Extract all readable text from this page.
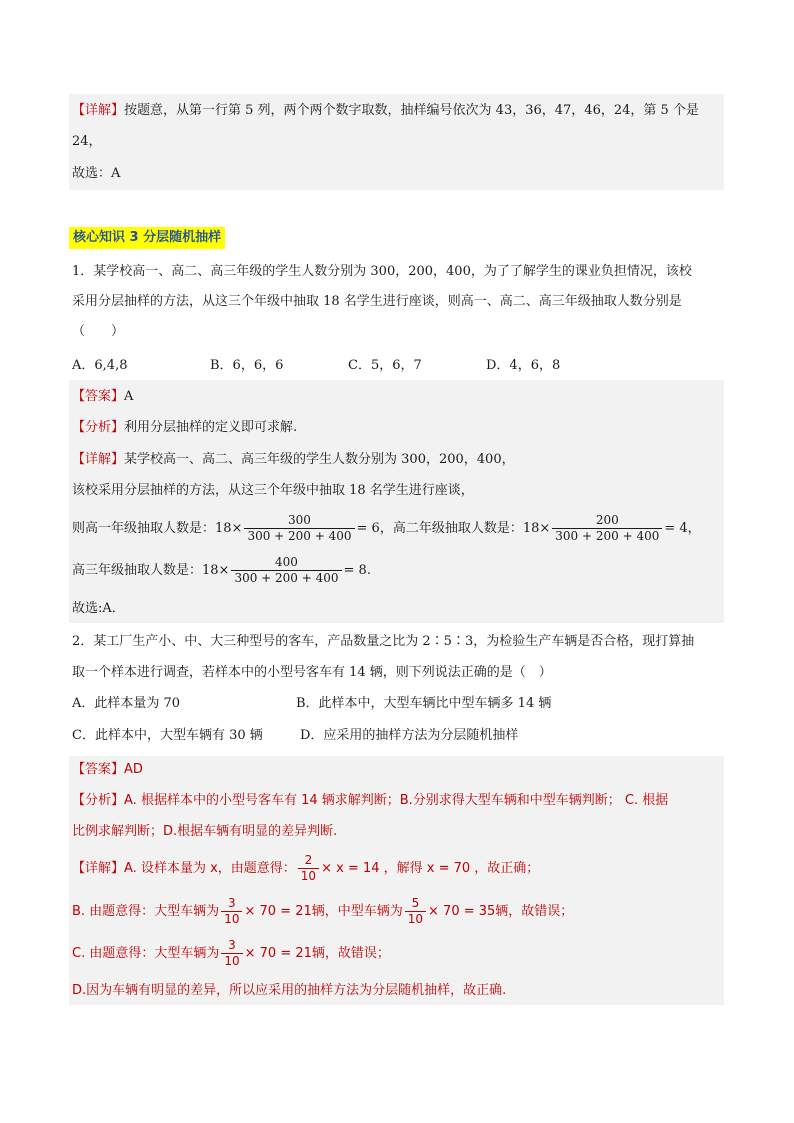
【详解】按题意，从第一行第 5 列，两个两个数字取数，抽样编号依次为 43，36，47，46，24，第 5 个是
24，
故选：A
核心知识 3 分层随机抽样
1．某学校高一、高二、高三年级的学生人数分别为 300，200，400，为了了解学生的课业负担情况，该校
采用分层抽样的方法，从这三个年级中抽取 18 名学生进行座谈，则高一、高二、高三年级抽取人数分别是
（　　）
A．6,4,8	B．6，6，6	C．5，6，7	D．4，6，8
【答案】A
【分析】利用分层抽样的定义即可求解.
【详解】某学校高一、高二、高三年级的学生人数分别为 300，200，400，
该校采用分层抽样的方法，从这三个年级中抽取 18 名学生进行座谈，
则高一年级抽取人数是：$18\times \frac{300}{300 + 200 + 400} = 6$，高二年级抽取人数是：$18\times \frac{200}{300 + 200 + 400} = 4$，
高三年级抽取人数是：$18\times \frac{400}{300 + 200 + 400} = 8$.
故选:A．
2．某工厂生产小、中、大三种型号的客车，产品数量之比为 2∶5∶3，为检验生产车辆是否合格，现打算抽
取一个样本进行调查，若样本中的小型号客车有 14 辆，则下列说法正确的是（　）
A．此样本量为 70	B．此样本中，大型车辆比中型车辆多 14 辆
C．此样本中，大型车辆有 30 辆	D．应采用的抽样方法为分层随机抽样
【答案】AD
【分析】A. 根据样本中的小型号客车有 14 辆求解判断；B.分别求得大型车辆和中型车辆判断； C. 根据
比例求解判断；D.根据车辆有明显的差异判断.
【详解】A. 设样本量为 x，由题意得： $\frac{2}{10} \times x = 14$ ，解得 x = 70 ，故正确；
B. 由题意得：大型车辆为 $\frac{3}{10} \times 70 = 21$辆，中型车辆为 $\frac{5}{10} \times 70 = 35$辆，故错误；
C. 由题意得：大型车辆为 $\frac{3}{10} \times 70 = 21$辆，故错误；
D.因为车辆有明显的差异，所以应采用的抽样方法为分层随机抽样，故正确.
